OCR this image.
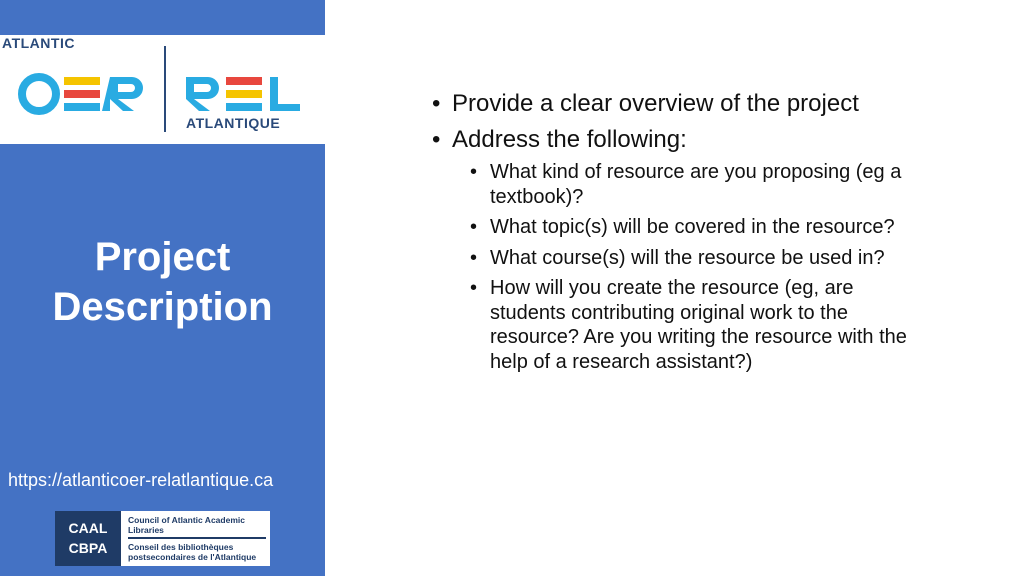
ATLANTIC
ATLANTIQUE
Project
Description
https://atlanticoer-relatlantique.ca
CAAL
CBPA
Council of Atlantic Academic Libraries
Conseil des bibliothèques postsecondaires de l'Atlantique
• Provide a clear overview of the project
• Address the following:
• What kind of resource are you proposing (eg a textbook)?
• What topic(s) will be covered in the resource?
• What course(s) will the resource be used in?
• How will you create the resource (eg, are students contributing original work to the resource? Are you writing the resource with the help of a research assistant?)
